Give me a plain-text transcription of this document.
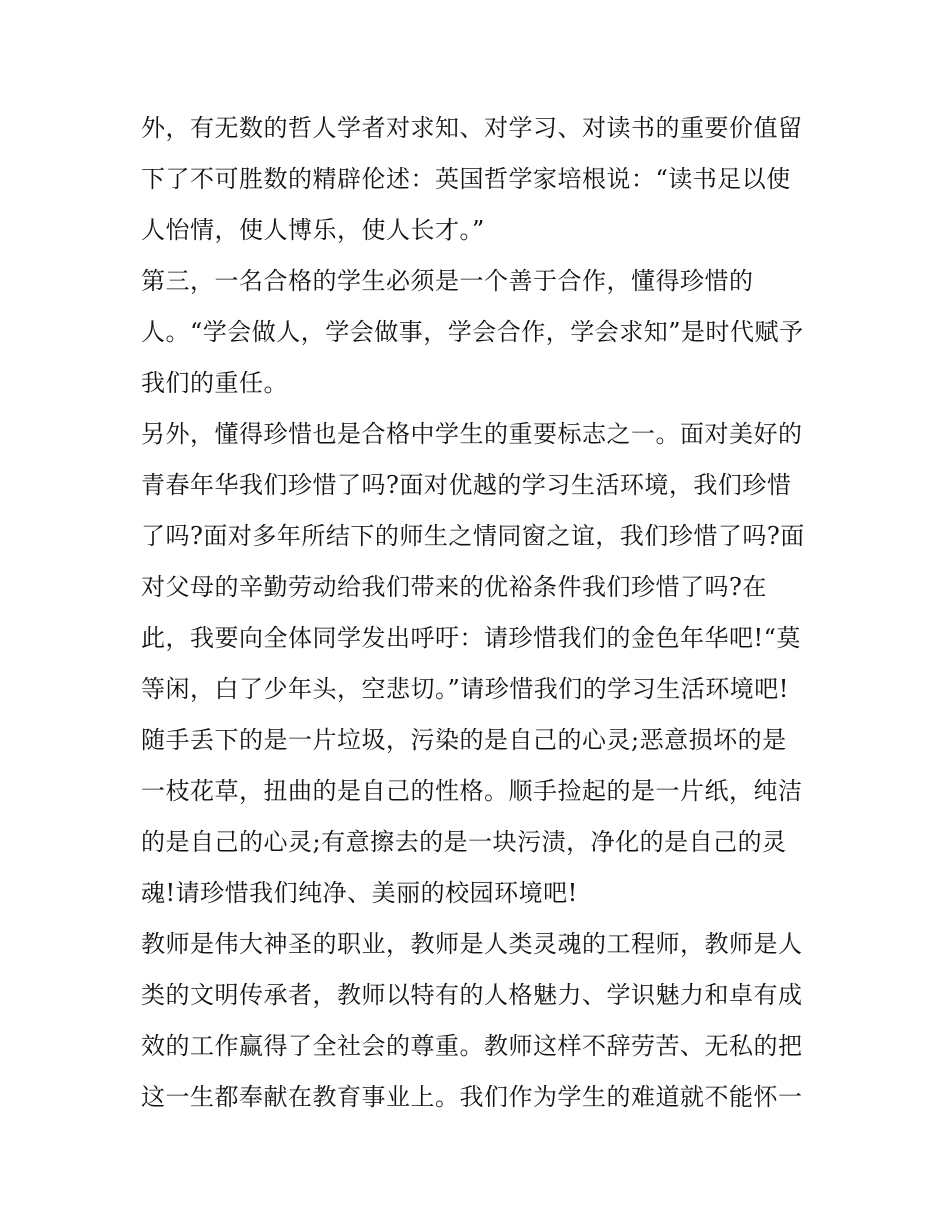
外，有无数的哲人学者对求知、对学习、对读书的重要价值留
下了不可胜数的精辟伦述：英国哲学家培根说：“读书足以使
人怡情，使人博乐，使人长才。”
第三，一名合格的学生必须是一个善于合作，懂得珍惜的
人。“学会做人，学会做事，学会合作，学会求知”是时代赋予
我们的重任。
另外，懂得珍惜也是合格中学生的重要标志之一。面对美好的
青春年华我们珍惜了吗?面对优越的学习生活环境，我们珍惜
了吗?面对多年所结下的师生之情同窗之谊，我们珍惜了吗?面
对父母的辛勤劳动给我们带来的优裕条件我们珍惜了吗?在
此，我要向全体同学发出呼吁：请珍惜我们的金色年华吧!“莫
等闲，白了少年头，空悲切。”请珍惜我们的学习生活环境吧!
随手丢下的是一片垃圾，污染的是自己的心灵;恶意损坏的是
一枝花草，扭曲的是自己的性格。顺手捡起的是一片纸，纯洁
的是自己的心灵;有意擦去的是一块污渍，净化的是自己的灵
魂!请珍惜我们纯净、美丽的校园环境吧!
教师是伟大神圣的职业，教师是人类灵魂的工程师，教师是人
类的文明传承者，教师以特有的人格魅力、学识魅力和卓有成
效的工作赢得了全社会的尊重。教师这样不辞劳苦、无私的把
这一生都奉献在教育事业上。我们作为学生的难道就不能怀一
